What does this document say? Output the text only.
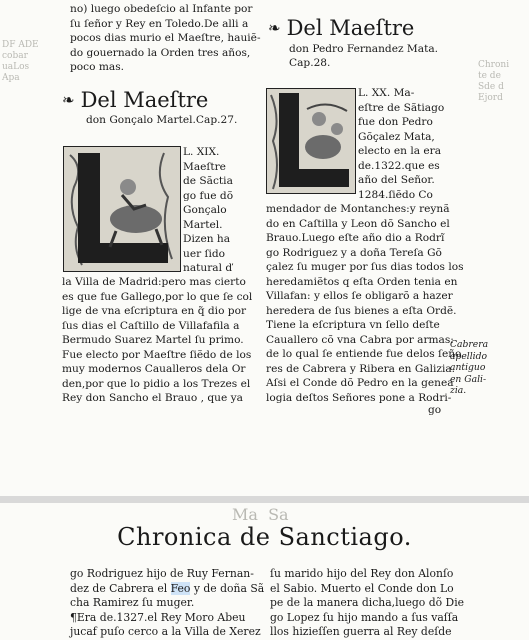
DF ADE
cobar
uaLos
Apa
Chroni
te de
Sde d
Ejord
no) luego obedeſcio al Infante por
ſu ſeñor y Rey en Toledo.De alli a
pocos dias murio el Maeſtre, hauiẽ-
do gouernado la Orden tres años,
poco mas.
❧ Del Maeſtre
don Gonçalo Martel.Cap.27.
L. XIX.
Maeſtre
de Sãctia
go fue dõ
Gonçalo
Martel.
Dizen ha
uer ſido
natural ď
la Villa de Madrid:pero mas cierto
es que fue Gallego,por lo que ſe col
lige de vna eſcriptura en q̃ dio por
ſus dias el Caſtillo de Villafafila a
Bermudo Suarez Martel ſu primo.
Fue electo por Maeſtre ſiẽdo de los
muy modernos Caualleros dela Or
den,por que lo pidio a los Trezes el
Rey don Sancho el Brauo , que ya
❧ Del Maeſtre
don Pedro Fernandez Mata.
Cap.28.
L. XX. Ma-
eſtre de Sãtiago
fue don Pedro
Gõçalez Mata,
electo en la era
de.1322.que es
año del Señor.
1284.ſiẽdo Co
mendador de Montanches:y reynã
do en Caſtilla y Leon dõ Sancho el
Brauo.Luego eſte año dio a Rodrĩ
go Rodriguez y a doña Tereſa Gõ
çalez ſu muger por ſus dias todos los
heredamiẽtos q eſta Orden tenia en
Villafan: y ellos ſe obligarõ a hazer
heredera de ſus bienes a eſta Ordẽ.
Tiene la eſcriptura vn ſello deſte
Cauallero cõ vna Cabra por armas:
de lo qual ſe entiende fue delos ſeño
res de Cabrera y Ribera en Galizia.
Aſsi el Conde dõ Pedro en la genea
logia deſtos Señores pone a Rodri-
go
Cabrera
apellido
antiguo
en Gali-
zia.
Ma  Sa
Chronica de Sanctiago.
go Rodriguez hijo de Ruy Fernan-
dez de Cabrera el Feo y de doña Sã
cha Ramirez ſu muger.
¶Era de.1327.el Rey Moro Abeu
jucaf puſo cerco a la Villa de Xerez
ſu marido hijo del Rey don Alonſo
el Sabio. Muerto el Conde don Lo
pe de la manera dicha,luego dõ Die
go Lopez ſu hijo mando a ſus vaſſa
llos hizieſſen guerra al Rey deſde
